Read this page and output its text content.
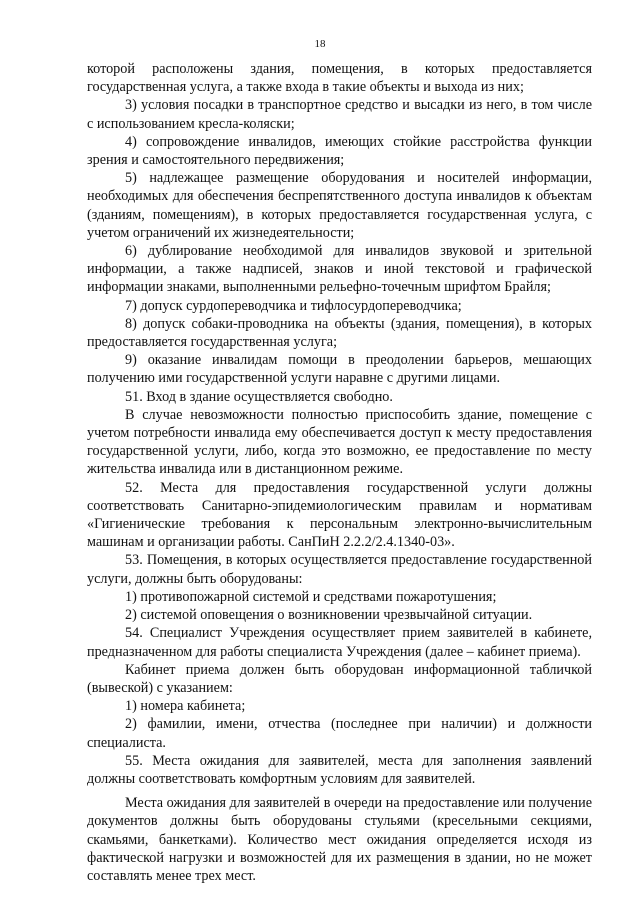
18

которой расположены здания, помещения, в которых предоставляется государственная услуга, а также входа в такие объекты и выхода из них;

3) условия посадки в транспортное средство и высадки из него, в том числе с использованием кресла-коляски;

4) сопровождение инвалидов, имеющих стойкие расстройства функции зрения и самостоятельного передвижения;

5) надлежащее размещение оборудования и носителей информации, необходимых для обеспечения беспрепятственного доступа инвалидов к объектам (зданиям, помещениям), в которых предоставляется государственная услуга, с учетом ограничений их жизнедеятельности;

6) дублирование необходимой для инвалидов звуковой и зрительной информации, а также надписей, знаков и иной текстовой и графической информации знаками, выполненными рельефно-точечным шрифтом Брайля;

7) допуск сурдопереводчика и тифлосурдопереводчика;

8) допуск собаки-проводника на объекты (здания, помещения), в которых предоставляется государственная услуга;

9) оказание инвалидам помощи в преодолении барьеров, мешающих получению ими государственной услуги наравне с другими лицами.

51. Вход в здание осуществляется свободно.

В случае невозможности полностью приспособить здание, помещение с учетом потребности инвалида ему обеспечивается доступ к месту предоставления государственной услуги, либо, когда это возможно, ее предоставление по месту жительства инвалида или в дистанционном режиме.

52. Места для предоставления государственной услуги должны соответствовать Санитарно-эпидемиологическим правилам и нормативам «Гигиенические требования к персональным электронно-вычислительным машинам и организации работы. СанПиН 2.2.2/2.4.1340-03».

53. Помещения, в которых осуществляется предоставление государственной услуги, должны быть оборудованы:

1) противопожарной системой и средствами пожаротушения;

2) системой оповещения о возникновении чрезвычайной ситуации.

54. Специалист Учреждения осуществляет прием заявителей в кабинете, предназначенном для работы специалиста Учреждения (далее – кабинет приема).

Кабинет приема должен быть оборудован информационной табличкой (вывеской) с указанием:

1) номера кабинета;

2) фамилии, имени, отчества (последнее при наличии) и должности специалиста.

55. Места ожидания для заявителей, места для заполнения заявлений должны соответствовать комфортным условиям для заявителей.

Места ожидания для заявителей в очереди на предоставление или получение документов должны быть оборудованы стульями (кресельными секциями, скамьями, банкетками). Количество мест ожидания определяется исходя из фактической нагрузки и возможностей для их размещения в здании, но не может составлять менее трех мест.
